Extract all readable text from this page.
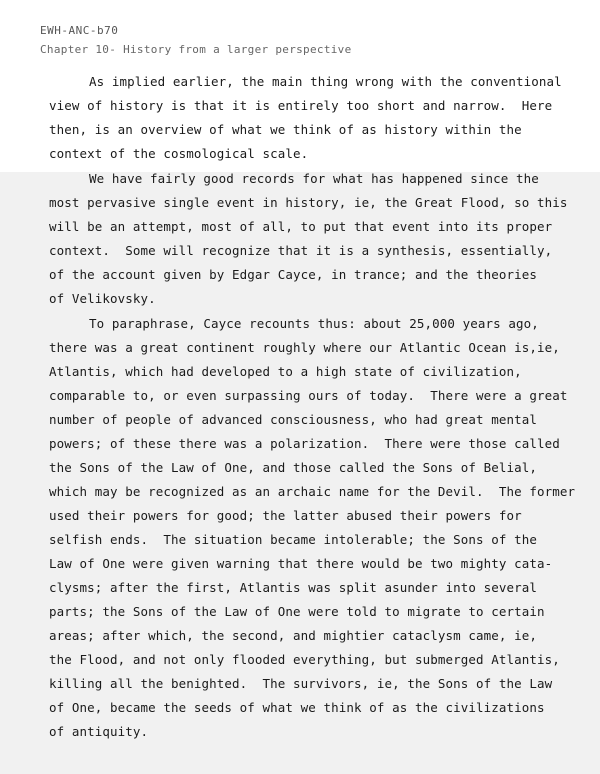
EWH-ANC-b70
Chapter 10- History from a larger perspective
As implied earlier, the main thing wrong with the conventional
view of history is that it is entirely too short and narrow.  Here
then, is an overview of what we think of as history within the
context of the cosmological scale.
We have fairly good records for what has happened since the
most pervasive single event in history, ie, the Great Flood, so this
will be an attempt, most of all, to put that event into its proper
context.  Some will recognize that it is a synthesis, essentially,
of the account given by Edgar Cayce, in trance; and the theories
of Velikovsky.
To paraphrase, Cayce recounts thus: about 25,000 years ago,
there was a great continent roughly where our Atlantic Ocean is,ie,
Atlantis, which had developed to a high state of civilization,
comparable to, or even surpassing ours of today.  There were a great
number of people of advanced consciousness, who had great mental
powers; of these there was a polarization.  There were those called
the Sons of the Law of One, and those called the Sons of Belial,
which may be recognized as an archaic name for the Devil.  The former
used their powers for good; the latter abused their powers for
selfish ends.  The situation became intolerable; the Sons of the
Law of One were given warning that there would be two mighty cata-
clysms; after the first, Atlantis was split asunder into several
parts; the Sons of the Law of One were told to migrate to certain
areas; after which, the second, and mightier cataclysm came, ie,
the Flood, and not only flooded everything, but submerged Atlantis,
killing all the benighted.  The survivors, ie, the Sons of the Law
of One, became the seeds of what we think of as the civilizations
of antiquity.
